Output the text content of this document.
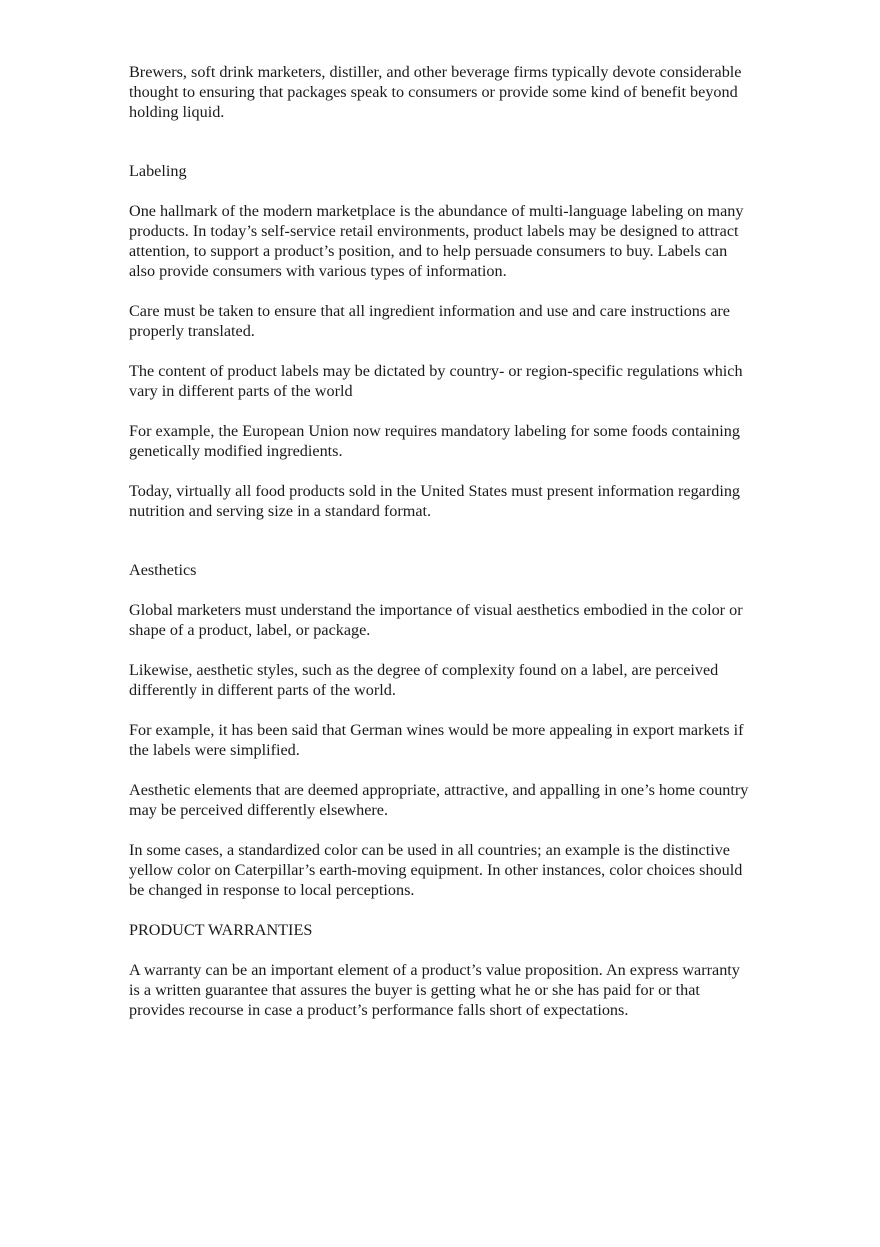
Brewers, soft drink marketers, distiller, and other beverage firms typically devote considerable thought to ensuring that packages speak to consumers or provide some kind of benefit beyond holding liquid.

Labeling

One hallmark of the modern marketplace is the abundance of multi-language labeling on many products. In today’s self-service retail environments, product labels may be designed to attract attention, to support a product’s position, and to help persuade consumers to buy. Labels can also provide consumers with various types of information.

Care must be taken to ensure that all ingredient information and use and care instructions are properly translated.

The content of product labels may be dictated by country- or region-specific regulations which vary in different parts of the world

For example, the European Union now requires mandatory labeling for some foods containing genetically modified ingredients.

Today, virtually all food products sold in the United States must present information regarding nutrition and serving size in a standard format.

Aesthetics

Global marketers must understand the importance of visual aesthetics embodied in the color or shape of a product, label, or package.

Likewise, aesthetic styles, such as the degree of complexity found on a label, are perceived differently in different parts of the world.

For example, it has been said that German wines would be more appealing in export markets if the labels were simplified.

Aesthetic elements that are deemed appropriate, attractive, and appalling in one’s home country may be perceived differently elsewhere.

In some cases, a standardized color can be used in all countries; an example is the distinctive yellow color on Caterpillar’s earth-moving equipment. In other instances, color choices should be changed in response to local perceptions.

PRODUCT WARRANTIES

A warranty can be an important element of a product’s value proposition. An express warranty is a written guarantee that assures the buyer is getting what he or she has paid for or that provides recourse in case a product’s performance falls short of expectations.
